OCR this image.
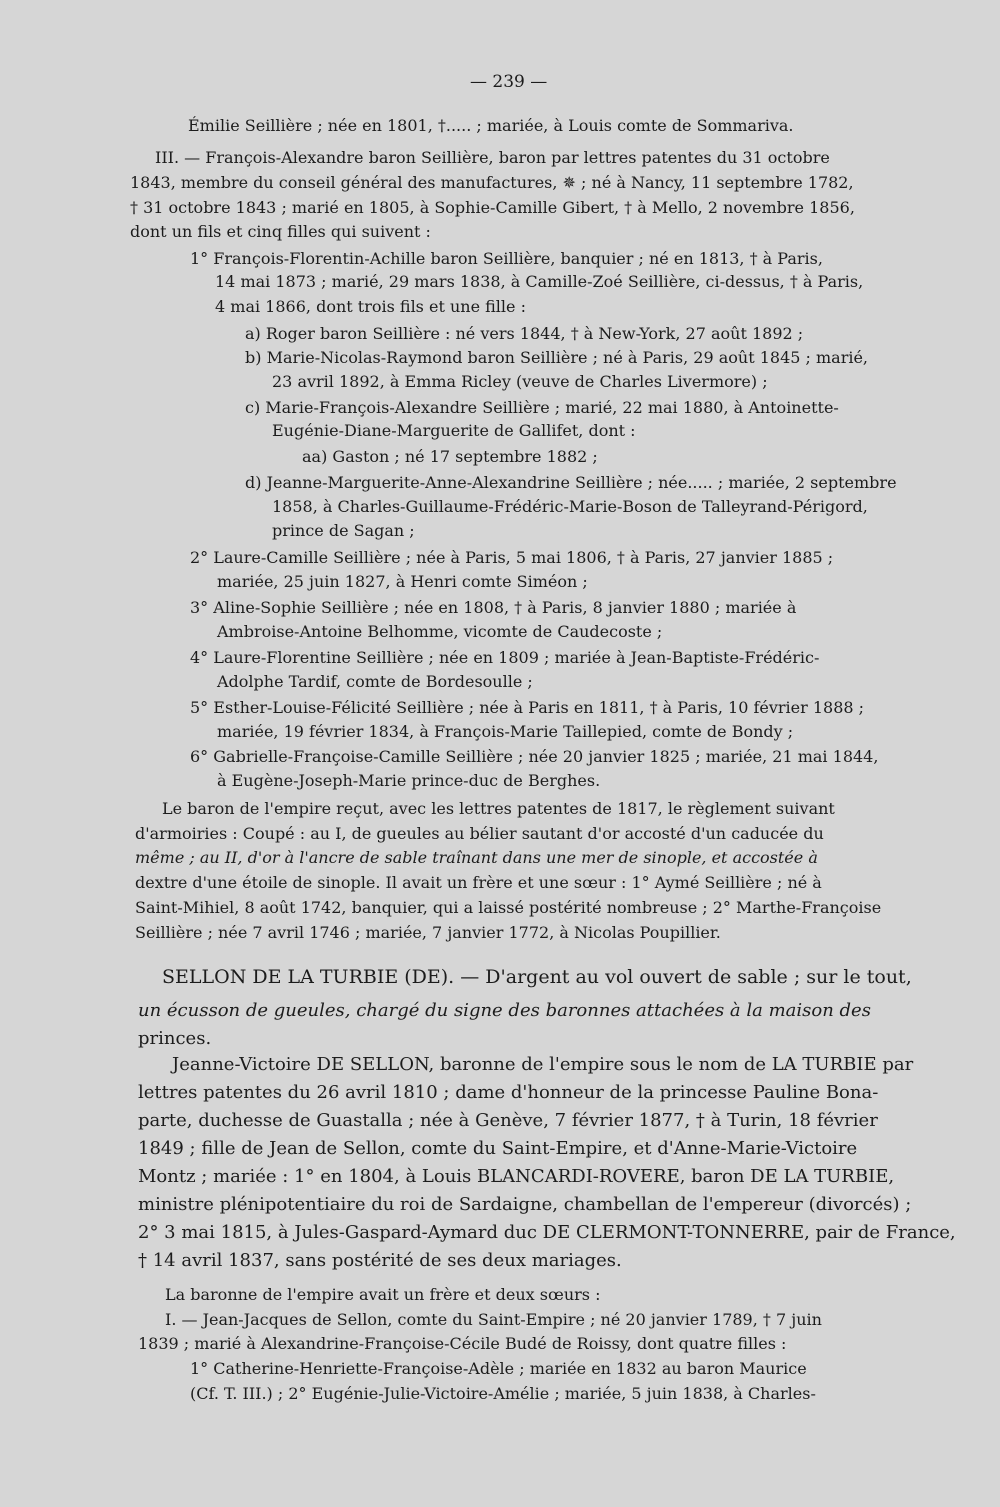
— 239 —
Émilie Seillière ; née en 1801, †..... ; mariée, à Louis comte de Sommariva.
III. — François-Alexandre baron Seillière, baron par lettres patentes du 31 octobre
1843, membre du conseil général des manufactures, ✵ ; né à Nancy, 11 septembre 1782,
† 31 octobre 1843 ; marié en 1805, à Sophie-Camille Gibert, † à Mello, 2 novembre 1856,
dont un fils et cinq filles qui suivent :
1° François-Florentin-Achille baron Seillière, banquier ; né en 1813, † à Paris,
14 mai 1873 ; marié, 29 mars 1838, à Camille-Zoé Seillière, ci-dessus, † à Paris,
4 mai 1866, dont trois fils et une fille :
a) Roger baron Seillière : né vers 1844, † à New-York, 27 août 1892 ;
b) Marie-Nicolas-Raymond baron Seillière ; né à Paris, 29 août 1845 ; marié,
23 avril 1892, à Emma Ricley (veuve de Charles Livermore) ;
c) Marie-François-Alexandre Seillière ; marié, 22 mai 1880, à Antoinette-
Eugénie-Diane-Marguerite de Gallifet, dont :
aa) Gaston ; né 17 septembre 1882 ;
d) Jeanne-Marguerite-Anne-Alexandrine Seillière ; née..... ; mariée, 2 septembre
1858, à Charles-Guillaume-Frédéric-Marie-Boson de Talleyrand-Périgord,
prince de Sagan ;
2° Laure-Camille Seillière ; née à Paris, 5 mai 1806, † à Paris, 27 janvier 1885 ;
mariée, 25 juin 1827, à Henri comte Siméon ;
3° Aline-Sophie Seillière ; née en 1808, † à Paris, 8 janvier 1880 ; mariée à
Ambroise-Antoine Belhomme, vicomte de Caudecoste ;
4° Laure-Florentine Seillière ; née en 1809 ; mariée à Jean-Baptiste-Frédéric-
Adolphe Tardif, comte de Bordesoulle ;
5° Esther-Louise-Félicité Seillière ; née à Paris en 1811, † à Paris, 10 février 1888 ;
mariée, 19 février 1834, à François-Marie Taillepied, comte de Bondy ;
6° Gabrielle-Françoise-Camille Seillière ; née 20 janvier 1825 ; mariée, 21 mai 1844,
à Eugène-Joseph-Marie prince-duc de Berghes.
Le baron de l'empire reçut, avec les lettres patentes de 1817, le règlement suivant
d'armoiries : Coupé : au I, de gueules au bélier sautant d'or accosté d'un caducée du
même ; au II, d'or à l'ancre de sable traînant dans une mer de sinople, et accostée à
dextre d'une étoile de sinople. Il avait un frère et une sœur : 1° Aymé Seillière ; né à
Saint-Mihiel, 8 août 1742, banquier, qui a laissé postérité nombreuse ; 2° Marthe-Françoise
Seillière ; née 7 avril 1746 ; mariée, 7 janvier 1772, à Nicolas Poupillier.
SELLON DE LA TURBIE (DE). — D'argent au vol ouvert de sable ; sur le tout,
un écusson de gueules, chargé du signe des baronnes attachées à la maison des
princes.
Jeanne-Victoire DE SELLON, baronne de l'empire sous le nom de LA TURBIE par
lettres patentes du 26 avril 1810 ; dame d'honneur de la princesse Pauline Bona-
parte, duchesse de Guastalla ; née à Genève, 7 février 1877, † à Turin, 18 février
1849 ; fille de Jean de Sellon, comte du Saint-Empire, et d'Anne-Marie-Victoire
Montz ; mariée : 1° en 1804, à Louis BLANCARDI-ROVERE, baron DE LA TURBIE,
ministre plénipotentiaire du roi de Sardaigne, chambellan de l'empereur (divorcés) ;
2° 3 mai 1815, à Jules-Gaspard-Aymard duc DE CLERMONT-TONNERRE, pair de France,
† 14 avril 1837, sans postérité de ses deux mariages.
La baronne de l'empire avait un frère et deux sœurs :
I. — Jean-Jacques de Sellon, comte du Saint-Empire ; né 20 janvier 1789, † 7 juin
1839 ; marié à Alexandrine-Françoise-Cécile Budé de Roissy, dont quatre filles :
1° Catherine-Henriette-Françoise-Adèle ; mariée en 1832 au baron Maurice
(Cf. T. III.) ; 2° Eugénie-Julie-Victoire-Amélie ; mariée, 5 juin 1838, à Charles-
